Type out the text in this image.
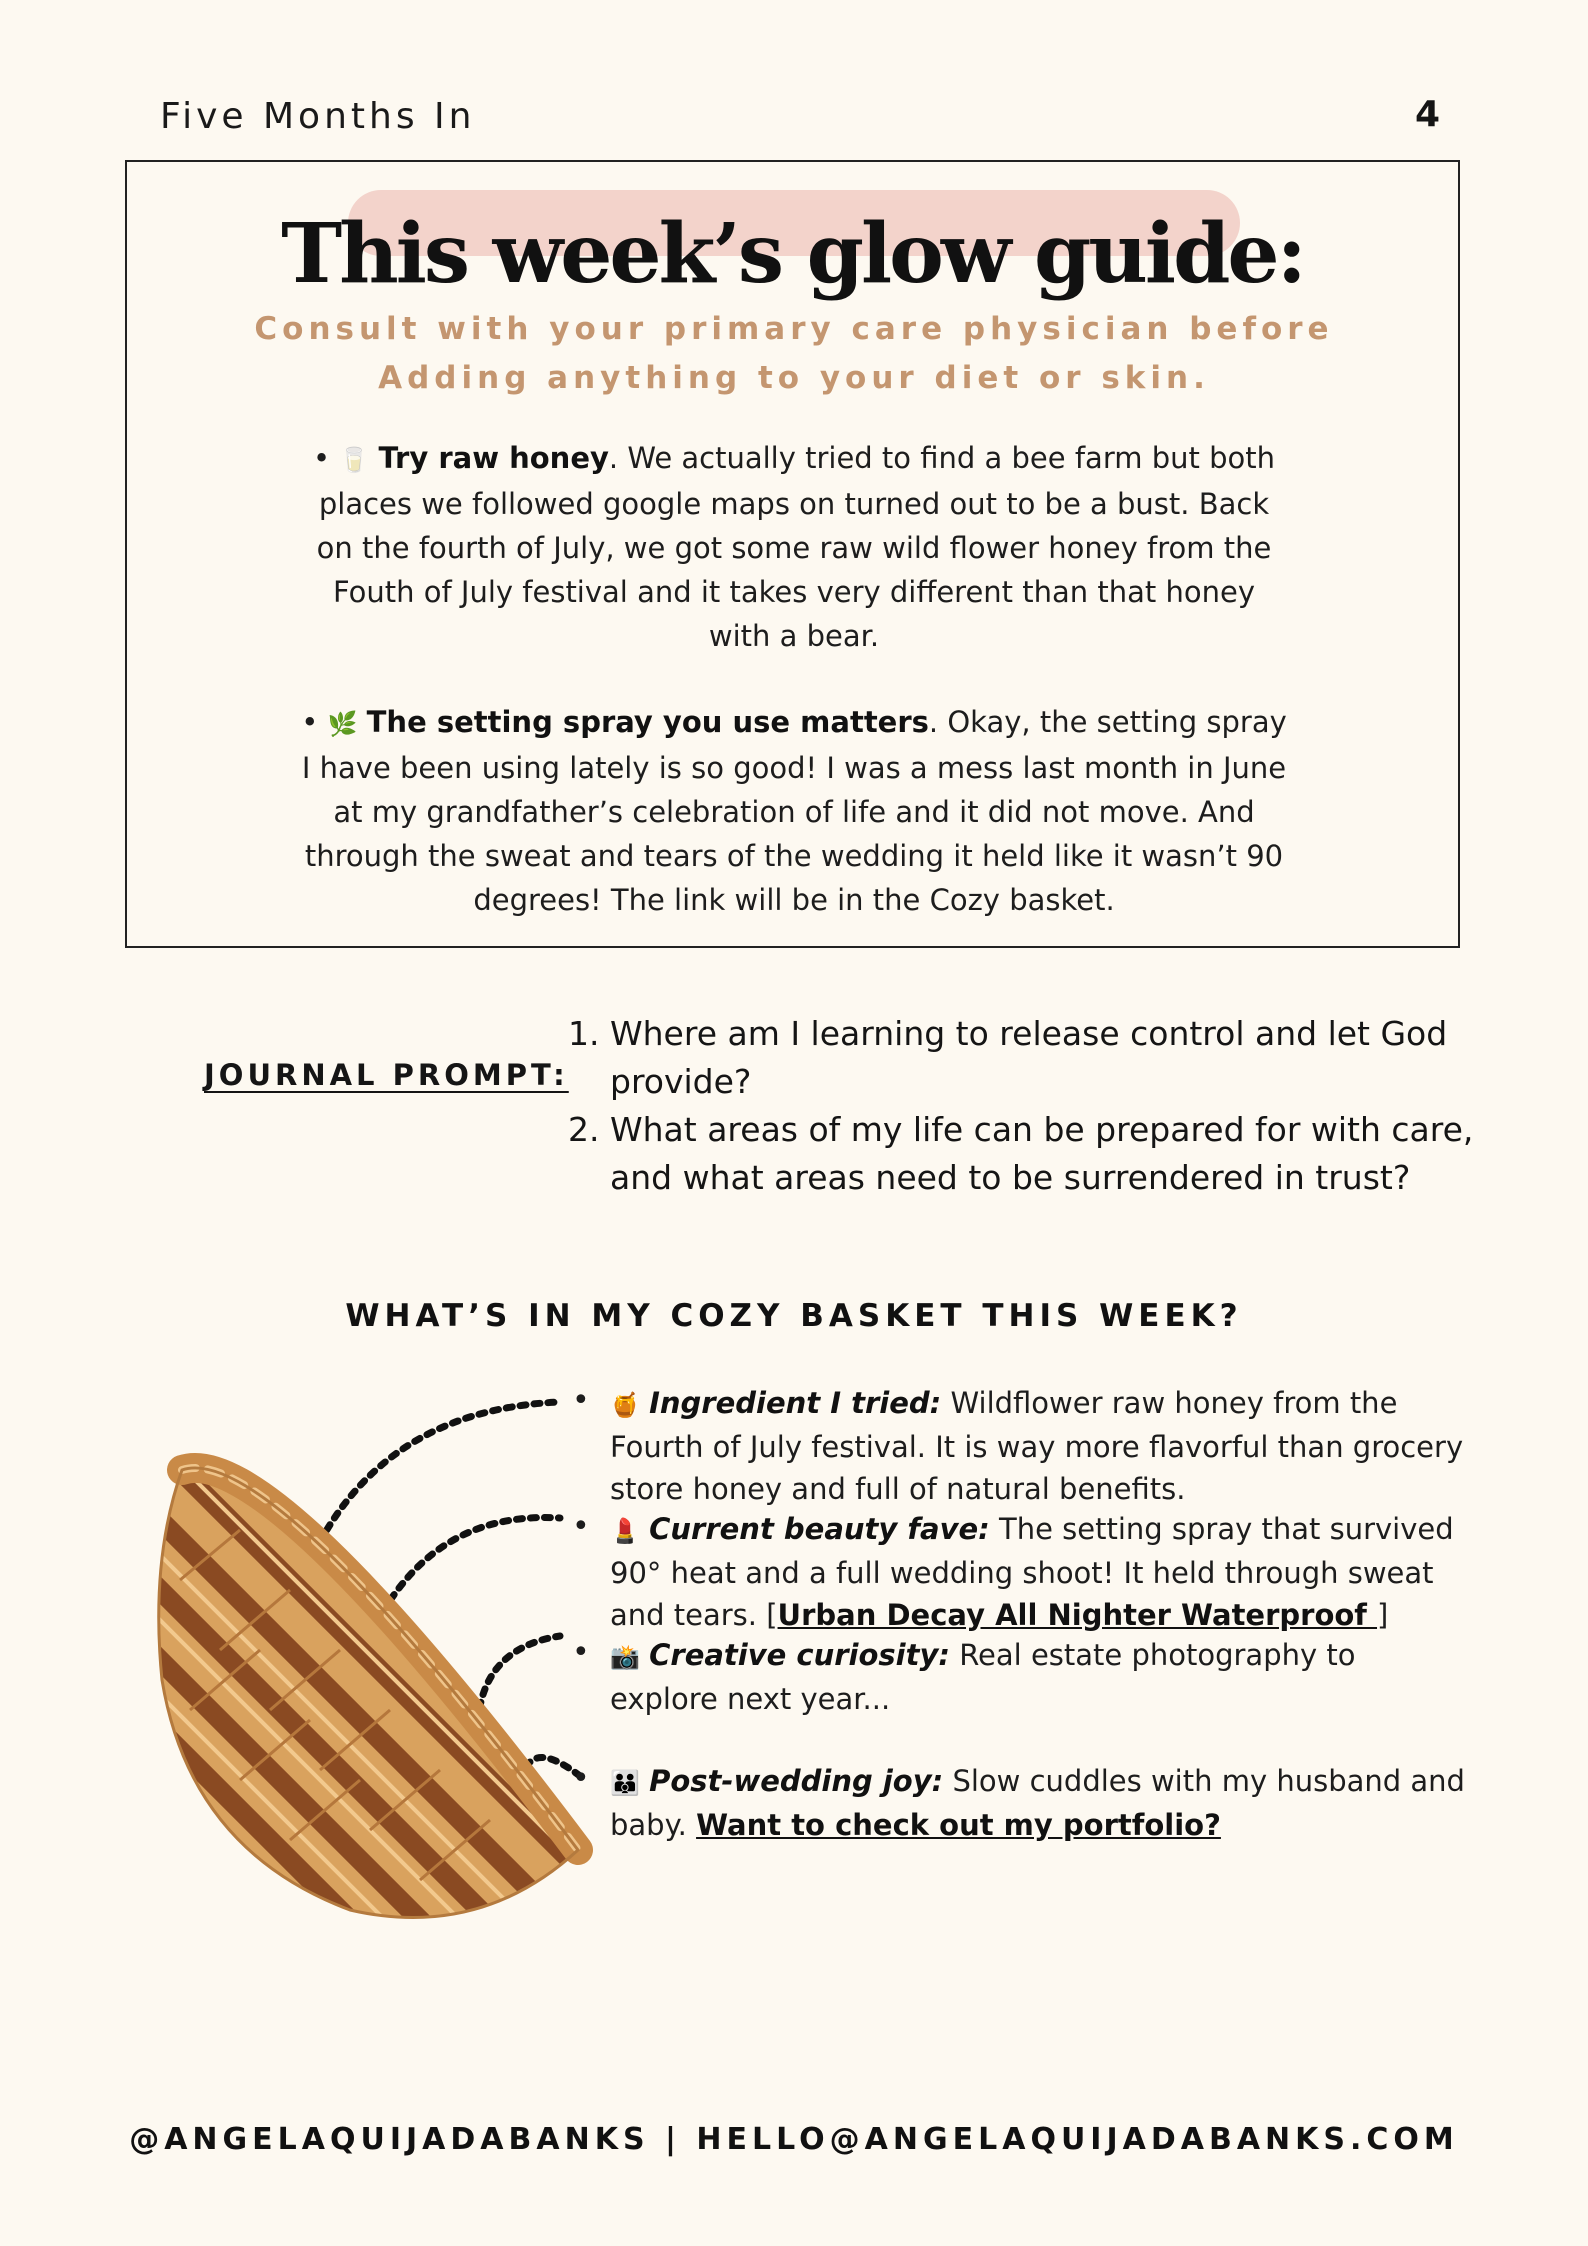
Five Months In	4
This week’s glow guide:
Consult with your primary care physician before Adding anything to your diet or skin.
• 🥛 Try raw honey. We actually tried to find a bee farm but both places we followed google maps on turned out to be a bust. Back on the fourth of July, we got some raw wild flower honey from the Fouth of July festival and it takes very different than that honey with a bear.
• 🌿 The setting spray you use matters. Okay, the setting spray I have been using lately is so good! I was a mess last month in June at my grandfather’s celebration of life and it did not move. And through the sweat and tears of the wedding it held like it wasn’t 90 degrees! The link will be in the Cozy basket.
JOURNAL PROMPT:
1. Where am I learning to release control and let God provide?
2. What areas of my life can be prepared for with care, and what areas need to be surrendered in trust?
WHAT’S IN MY COZY BASKET THIS WEEK?
• 🍯 Ingredient I tried: Wildflower raw honey from the Fourth of July festival. It is way more flavorful than grocery store honey and full of natural benefits.
• 💄 Current beauty fave: The setting spray that survived 90° heat and a full wedding shoot! It held through sweat and tears. [Urban Decay All Nighter Waterproof ]
• 📸 Creative curiosity: Real estate photography to explore next year...
• 👪 Post-wedding joy: Slow cuddles with my husband and baby. Want to check out my portfolio?
@ANGELAQUIJADABANKS | HELLO@ANGELAQUIJADABANKS.COM
